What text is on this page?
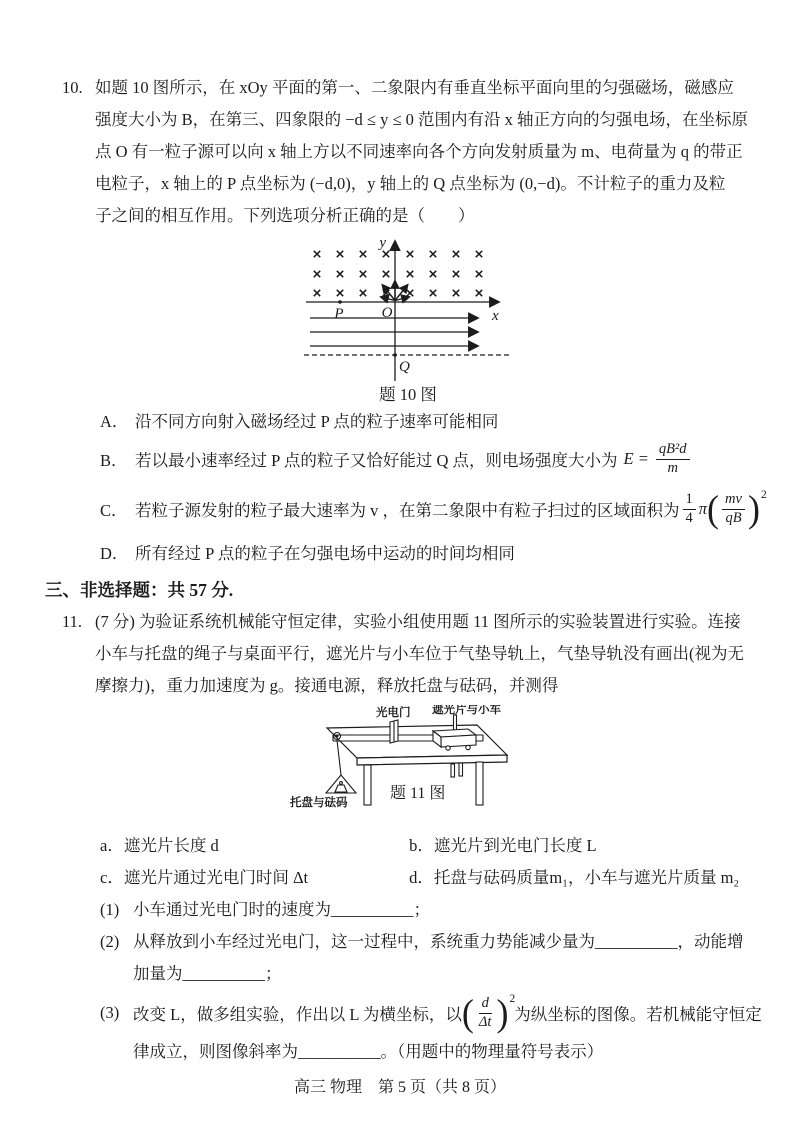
10. 如题 10 图所示，在 xOy 平面的第一、二象限内有垂直坐标平面向里的匀强磁场，磁感应
强度大小为 B，在第三、四象限的 −d ≤ y ≤ 0 范围内有沿 x 轴正方向的匀强电场，在坐标原
点 O 有一粒子源可以向 x 轴上方以不同速率向各个方向发射质量为 m、电荷量为 q 的带正
电粒子，x 轴上的 P 点坐标为 (−d,0)，y 轴上的 Q 点坐标为 (0,−d)。不计粒子的重力及粒
子之间的相互作用。下列选项分析正确的是（　　）
y
x
P	O
Q
题 10 图
A． 沿不同方向射入磁场经过 P 点的粒子速率可能相同
B． 若以最小速率经过 P 点的粒子又恰好能过 Q 点，则电场强度大小为 $E = \frac{\text{qB²d}}{m}$
C． 若粒子源发射的粒子最大速率为 v ，在第二象限中有粒子扫过的区域面积为 $\frac{1}{4}$ π ( $\frac{mv}{qB}$ ) 2
D． 所有经过 P 点的粒子在匀强电场中运动的时间均相同
三、非选择题：共 57 分.
11. (7 分) 为验证系统机械能守恒定律，实验小组使用题 11 图所示的实验装置进行实验。连接
小车与托盘的绳子与桌面平行，遮光片与小车位于气垫导轨上，气垫导轨没有画出(视为无
摩擦力)，重力加速度为 g。接通电源，释放托盘与砝码，并测得
光电门 遮光片与小车
托盘与砝码
题 11 图
a．遮光片长度 d	b．遮光片到光电门长度 L
c．遮光片通过光电门时间 Δt	d．托盘与砝码质量m₁，小车与遮光片质量 m₂
(1) 小车通过光电门时的速度为__________；
(2) 从释放到小车经过光电门，这一过程中，系统重力势能减少量为__________，动能增
加量为__________；
(3) 改变 L，做多组实验，作出以 L 为横坐标，以 ( $\frac{d}{\Delta t}$ ) 2
为纵坐标的图像。若机械能守恒定
律成立，则图像斜率为__________。（用题中的物理量符号表示）
高三 物理　第 5 页（共 8 页）
